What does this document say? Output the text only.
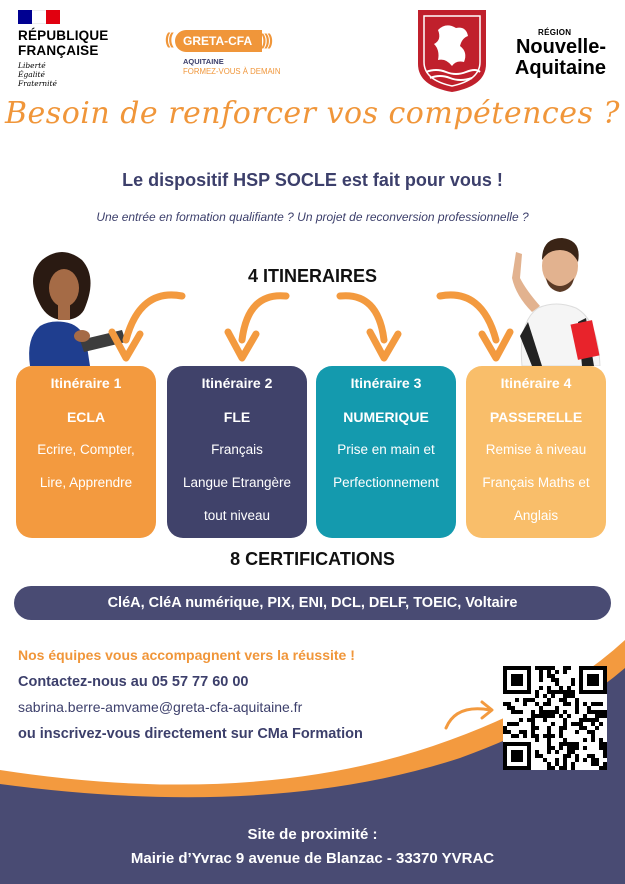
RÉPUBLIQUE
FRANÇAISE
Liberté
Égalité
Fraternité
(( GRETA-CFA )))
AQUITAINE
FORMEZ-VOUS À DEMAIN
RÉGION
Nouvelle-
Aquitaine
Besoin de renforcer vos compétences ?
Le dispositif HSP SOCLE est fait pour vous !
Une entrée en formation qualifiante ? Un projet de reconversion professionnelle ?
4 ITINERAIRES
Itinéraire 1
ECLA
Ecrire, Compter,
Lire, Apprendre
Itinéraire 2
FLE
Français
Langue Etrangère
tout niveau
Itinéraire 3
NUMERIQUE
Prise en main et
Perfectionnement
Itinéraire 4
PASSERELLE
Remise à niveau
Français Maths et
Anglais
8 CERTIFICATIONS
CléA, CléA numérique, PIX, ENI, DCL, DELF, TOEIC, Voltaire
Nos équipes vous accompagnent vers la réussite !
Contactez-nous au 05 57 77 60 00
sabrina.berre-amvame@greta-cfa-aquitaine.fr
ou inscrivez-vous directement sur CMa Formation
Site de proximité :
Mairie d’Yvrac 9 avenue de Blanzac - 33370 YVRAC
